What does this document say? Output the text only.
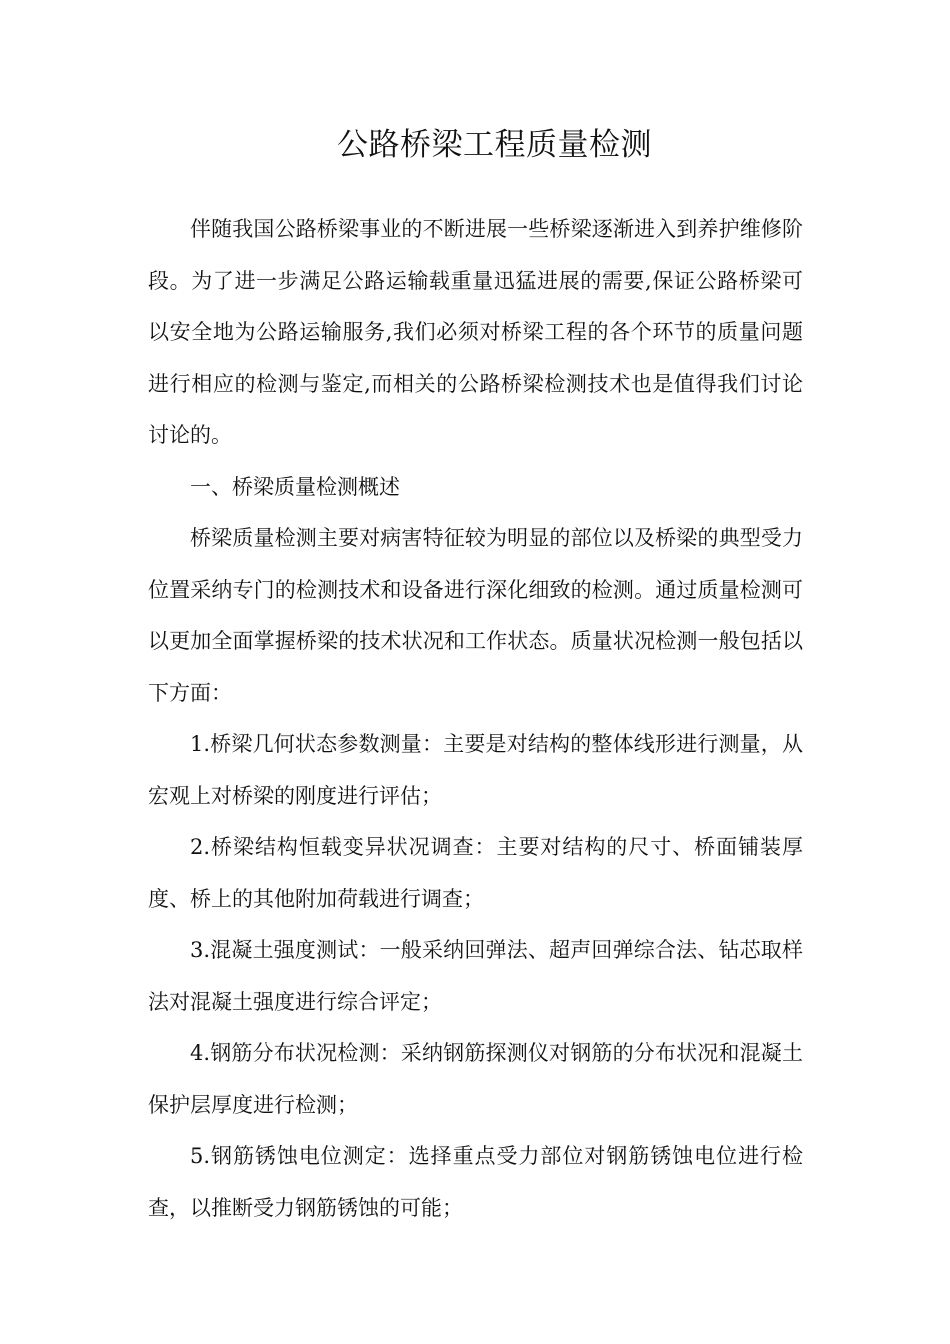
公路桥梁工程质量检测

伴随我国公路桥梁事业的不断进展一些桥梁逐渐进入到养护维修阶段。为了进一步满足公路运输载重量迅猛进展的需要,保证公路桥梁可以安全地为公路运输服务,我们必须对桥梁工程的各个环节的质量问题进行相应的检测与鉴定,而相关的公路桥梁检测技术也是值得我们讨论讨论的。

一、桥梁质量检测概述

桥梁质量检测主要对病害特征较为明显的部位以及桥梁的典型受力位置采纳专门的检测技术和设备进行深化细致的检测。通过质量检测可以更加全面掌握桥梁的技术状况和工作状态。质量状况检测一般包括以下方面：

1.桥梁几何状态参数测量：主要是对结构的整体线形进行测量，从宏观上对桥梁的刚度进行评估；

2.桥梁结构恒载变异状况调查：主要对结构的尺寸、桥面铺装厚度、桥上的其他附加荷载进行调查；

3.混凝土强度测试：一般采纳回弹法、超声回弹综合法、钻芯取样法对混凝土强度进行综合评定；

4.钢筋分布状况检测：采纳钢筋探测仪对钢筋的分布状况和混凝土保护层厚度进行检测；

5.钢筋锈蚀电位测定：选择重点受力部位对钢筋锈蚀电位进行检查，以推断受力钢筋锈蚀的可能；
